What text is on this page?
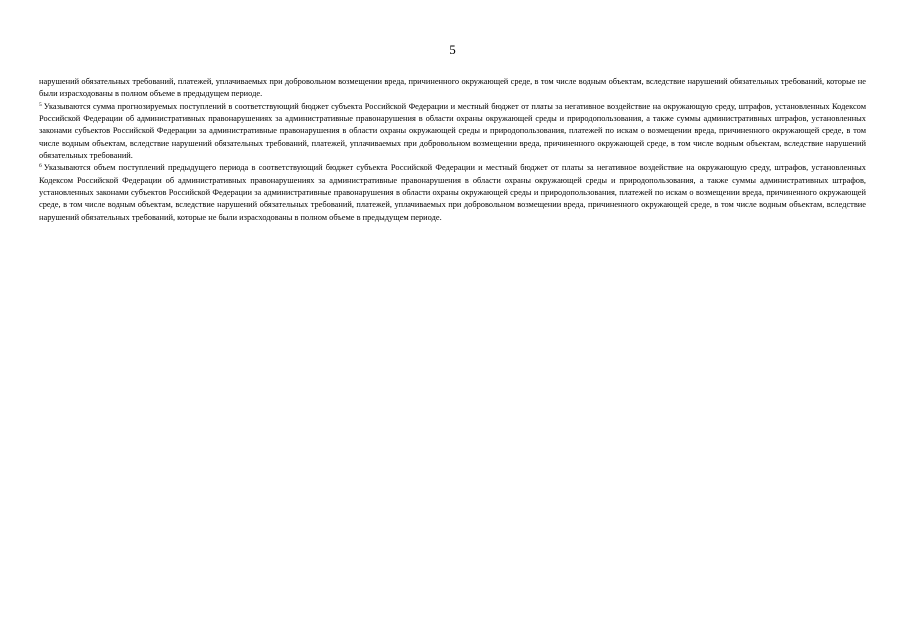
5

нарушений обязательных требований, платежей, уплачиваемых при добровольном возмещении вреда, причиненного окружающей среде, в том числе водным объектам, вследствие нарушений обязательных требований, которые не были израсходованы в полном объеме в предыдущем периоде.

$^5$ Указываются сумма прогнозируемых поступлений в соответствующий бюджет субъекта Российской Федерации и местный бюджет от платы за негативное воздействие на окружающую среду, штрафов, установленных Кодексом Российской Федерации об административных правонарушениях за административные правонарушения в области охраны окружающей среды и природопользования, а также суммы административных штрафов, установленных законами субъектов Российской Федерации за административные правонарушения в области охраны окружающей среды и природопользования, платежей по искам о возмещении вреда, причиненного окружающей среде, в том числе водным объектам, вследствие нарушений обязательных требований, платежей, уплачиваемых при добровольном возмещении вреда, причиненного окружающей среде, в том числе водным объектам, вследствие нарушений обязательных требований.

$^6$ Указываются объем поступлений предыдущего периода в соответствующий бюджет субъекта Российской Федерации и местный бюджет от платы за негативное воздействие на окружающую среду, штрафов, установленных Кодексом Российской Федерации об административных правонарушениях за административные правонарушения в области охраны окружающей среды и природопользования, а также суммы административных штрафов, установленных законами субъектов Российской Федерации за административные правонарушения в области охраны окружающей среды и природопользования, платежей по искам о возмещении вреда, причиненного окружающей среде, в том числе водным объектам, вследствие нарушений обязательных требований, платежей, уплачиваемых при добровольном возмещении вреда, причиненного окружающей среде, в том числе водным объектам, вследствие нарушений обязательных требований, которые не были израсходованы в полном объеме в предыдущем периоде.
